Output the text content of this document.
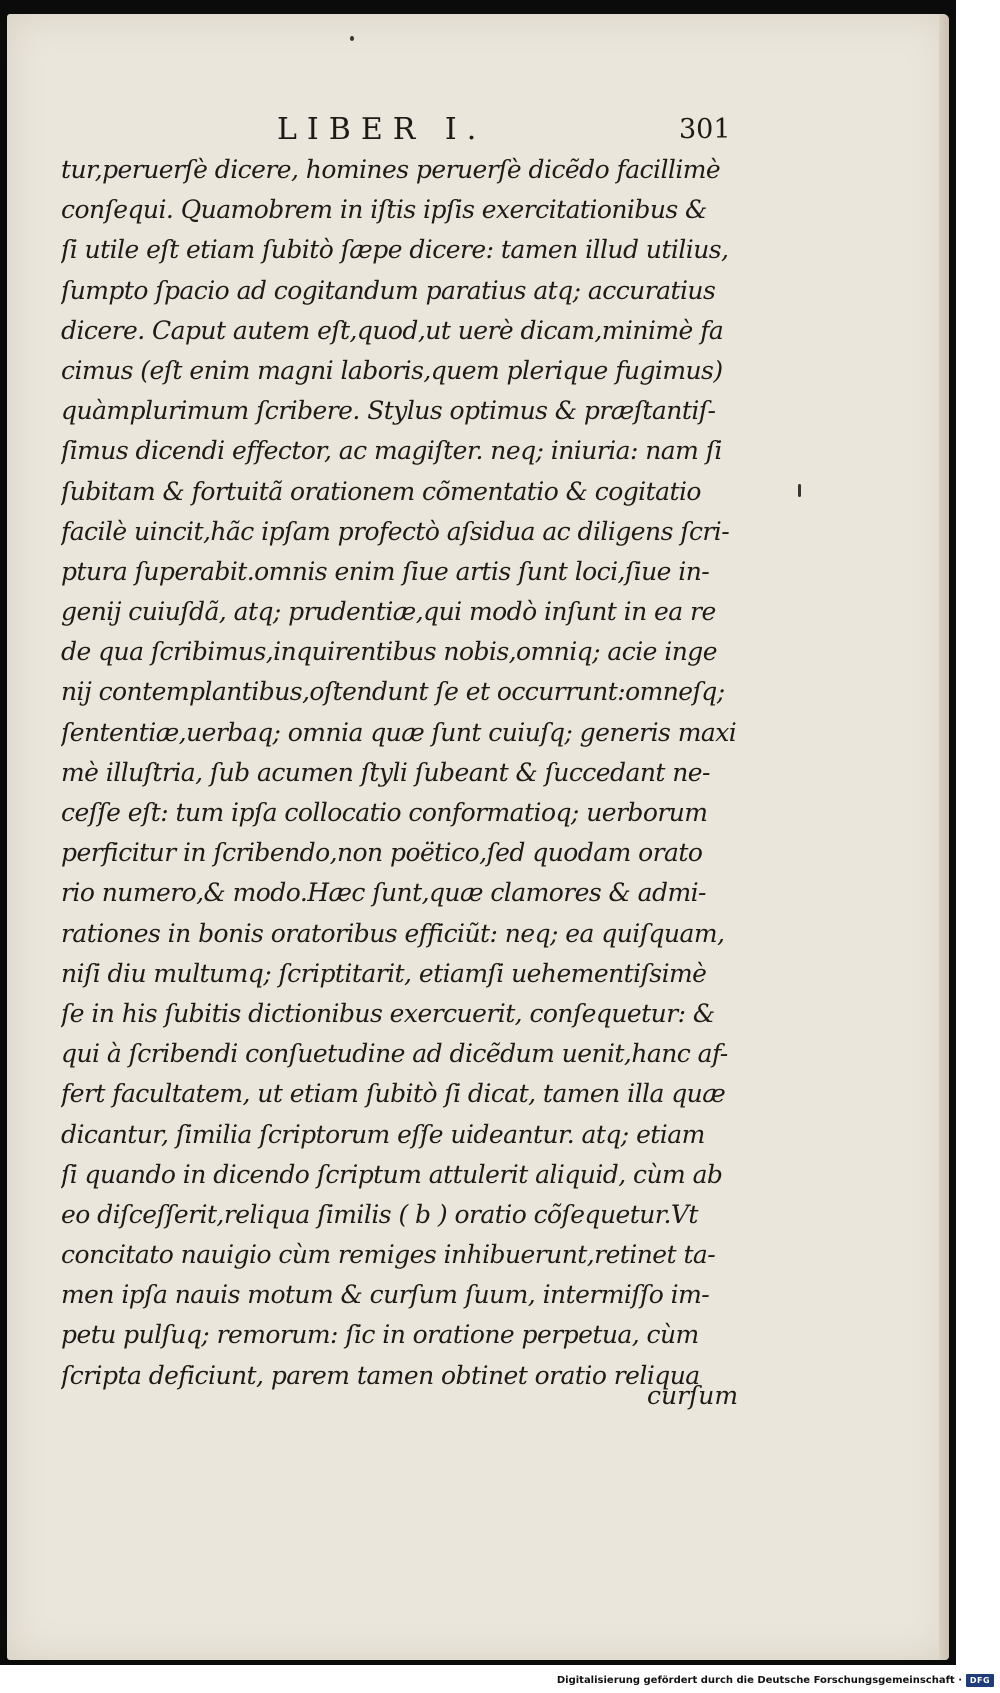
LIBER I.	301
tur,peruerſè dicere, homines peruerſè dicẽdo facillimè
conſequi. Quamobrem in iſtis ipſis exercitationibus &
ſi utile eſt etiam ſubitò ſæpe dicere: tamen illud utilius,
ſumpto ſpacio ad cogitandum paratius atq; accuratius
dicere. Caput autem eſt,quod,ut uerè dicam,minimè fa
cimus (eſt enim magni laboris,quem plerique fugimus)
quàmplurimum ſcribere. Stylus optimus & præſtantiſ-
ſimus dicendi effector, ac magiſter. neq; iniuria: nam ſi
ſubitam & fortuitã orationem cõmentatio & cogitatio
facilè uincit,hãc ipſam profectò aſsidua ac diligens ſcri-
ptura ſuperabit.omnis enim ſiue artis ſunt loci,ſiue in-
genij cuiuſdã, atq; prudentiæ,qui modò inſunt in ea re
de qua ſcribimus,inquirentibus nobis,omniq; acie inge
nij contemplantibus,oſtendunt ſe et occurrunt:omneſq;
ſententiæ,uerbaq; omnia quæ ſunt cuiuſq; generis maxi
mè illuſtria, ſub acumen ſtyli ſubeant & ſuccedant ne-
ceſſe eſt: tum ipſa collocatio conformatioq; uerborum
perficitur in ſcribendo,non poëtico,ſed quodam orato
rio numero,& modo.Hæc ſunt,quæ clamores & admi-
rationes in bonis oratoribus efficiũt: neq; ea quiſquam,
niſi diu multumq; ſcriptitarit, etiamſi uehementiſsimè
ſe in his ſubitis dictionibus exercuerit, conſequetur: &
qui à ſcribendi conſuetudine ad dicẽdum uenit,hanc af-
fert facultatem, ut etiam ſubitò ſi dicat, tamen illa quæ
dicantur, ſimilia ſcriptorum eſſe uideantur. atq; etiam
ſi quando in dicendo ſcriptum attulerit aliquid, cùm ab
eo diſceſſerit,reliqua ſimilis ( b ) oratio cõſequetur.Vt
concitato nauigio cùm remiges inhibuerunt,retinet ta-
men ipſa nauis motum & curſum ſuum, intermiſſo im-
petu pulſuq; remorum: ſic in oratione perpetua, cùm
ſcripta deficiunt, parem tamen obtinet oratio reliqua
curſum
Digitalisierung gefördert durch die Deutsche Forschungsgemeinschaft · DFG
